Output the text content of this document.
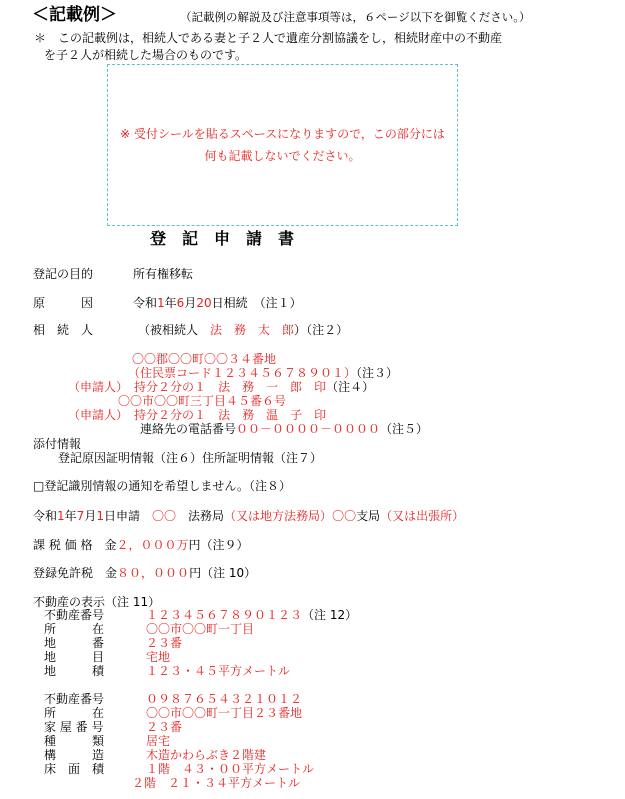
＜記載例＞	（記載例の解説及び注意事項等は，６ページ以下を御覧ください。）
＊ この記載例は，相続人である妻と子２人で遺産分割協議をし，相続財産中の不動産
を子２人が相続した場合のものです。
※ 受付シールを貼るスペースになりますので，この部分には
何も記載しないでください。
登記申請書
登記の目的	所有権移転
原　　　因	令和1年6月20日相続　 （注１）
相　続　人	（被相続人　 法　務　太　郎）（注２）
〇〇郡〇〇町〇〇３４番地
（住民票コード１２３４５６７８９０１）（注３）
（申請人）　 持分２分の１　 法　務　一　郎　 印（注４）
〇〇市〇〇町三丁目４５番６号
（申請人）　 持分２分の１　 法　務　温　子　 印
連絡先の電話番号００－００００－００００（注５）
添付情報
登記原因証明情報（注６）住所証明情報（注７）
□登記識別情報の通知を希望しません。（注８）
令和1年7月1日申請　 〇〇　 法務局（又は地方法務局）〇〇支局（又は出張所）
課 税 価 格　 金２，０００万円（注９）
登録免許税　 金８０，０００円（注 10）
不動産の表示（注 11）
不動産番号	１２３４５６７８９０１２３（注 12）
所　　　在	〇〇市〇〇町一丁目
地　　　番	２３番
地　　　目	宅地
地　　　積	１２３・４５平方メートル
不動産番号	０９８７６５４３２１０１２
所　　　在	〇〇市〇〇町一丁目２３番地
家 屋 番 号	２３番
種　　　類	居宅
構　　　造	木造かわらぶき２階建
床　面　積	１階　４３・００平方メートル
２階　２１・３４平方メートル
